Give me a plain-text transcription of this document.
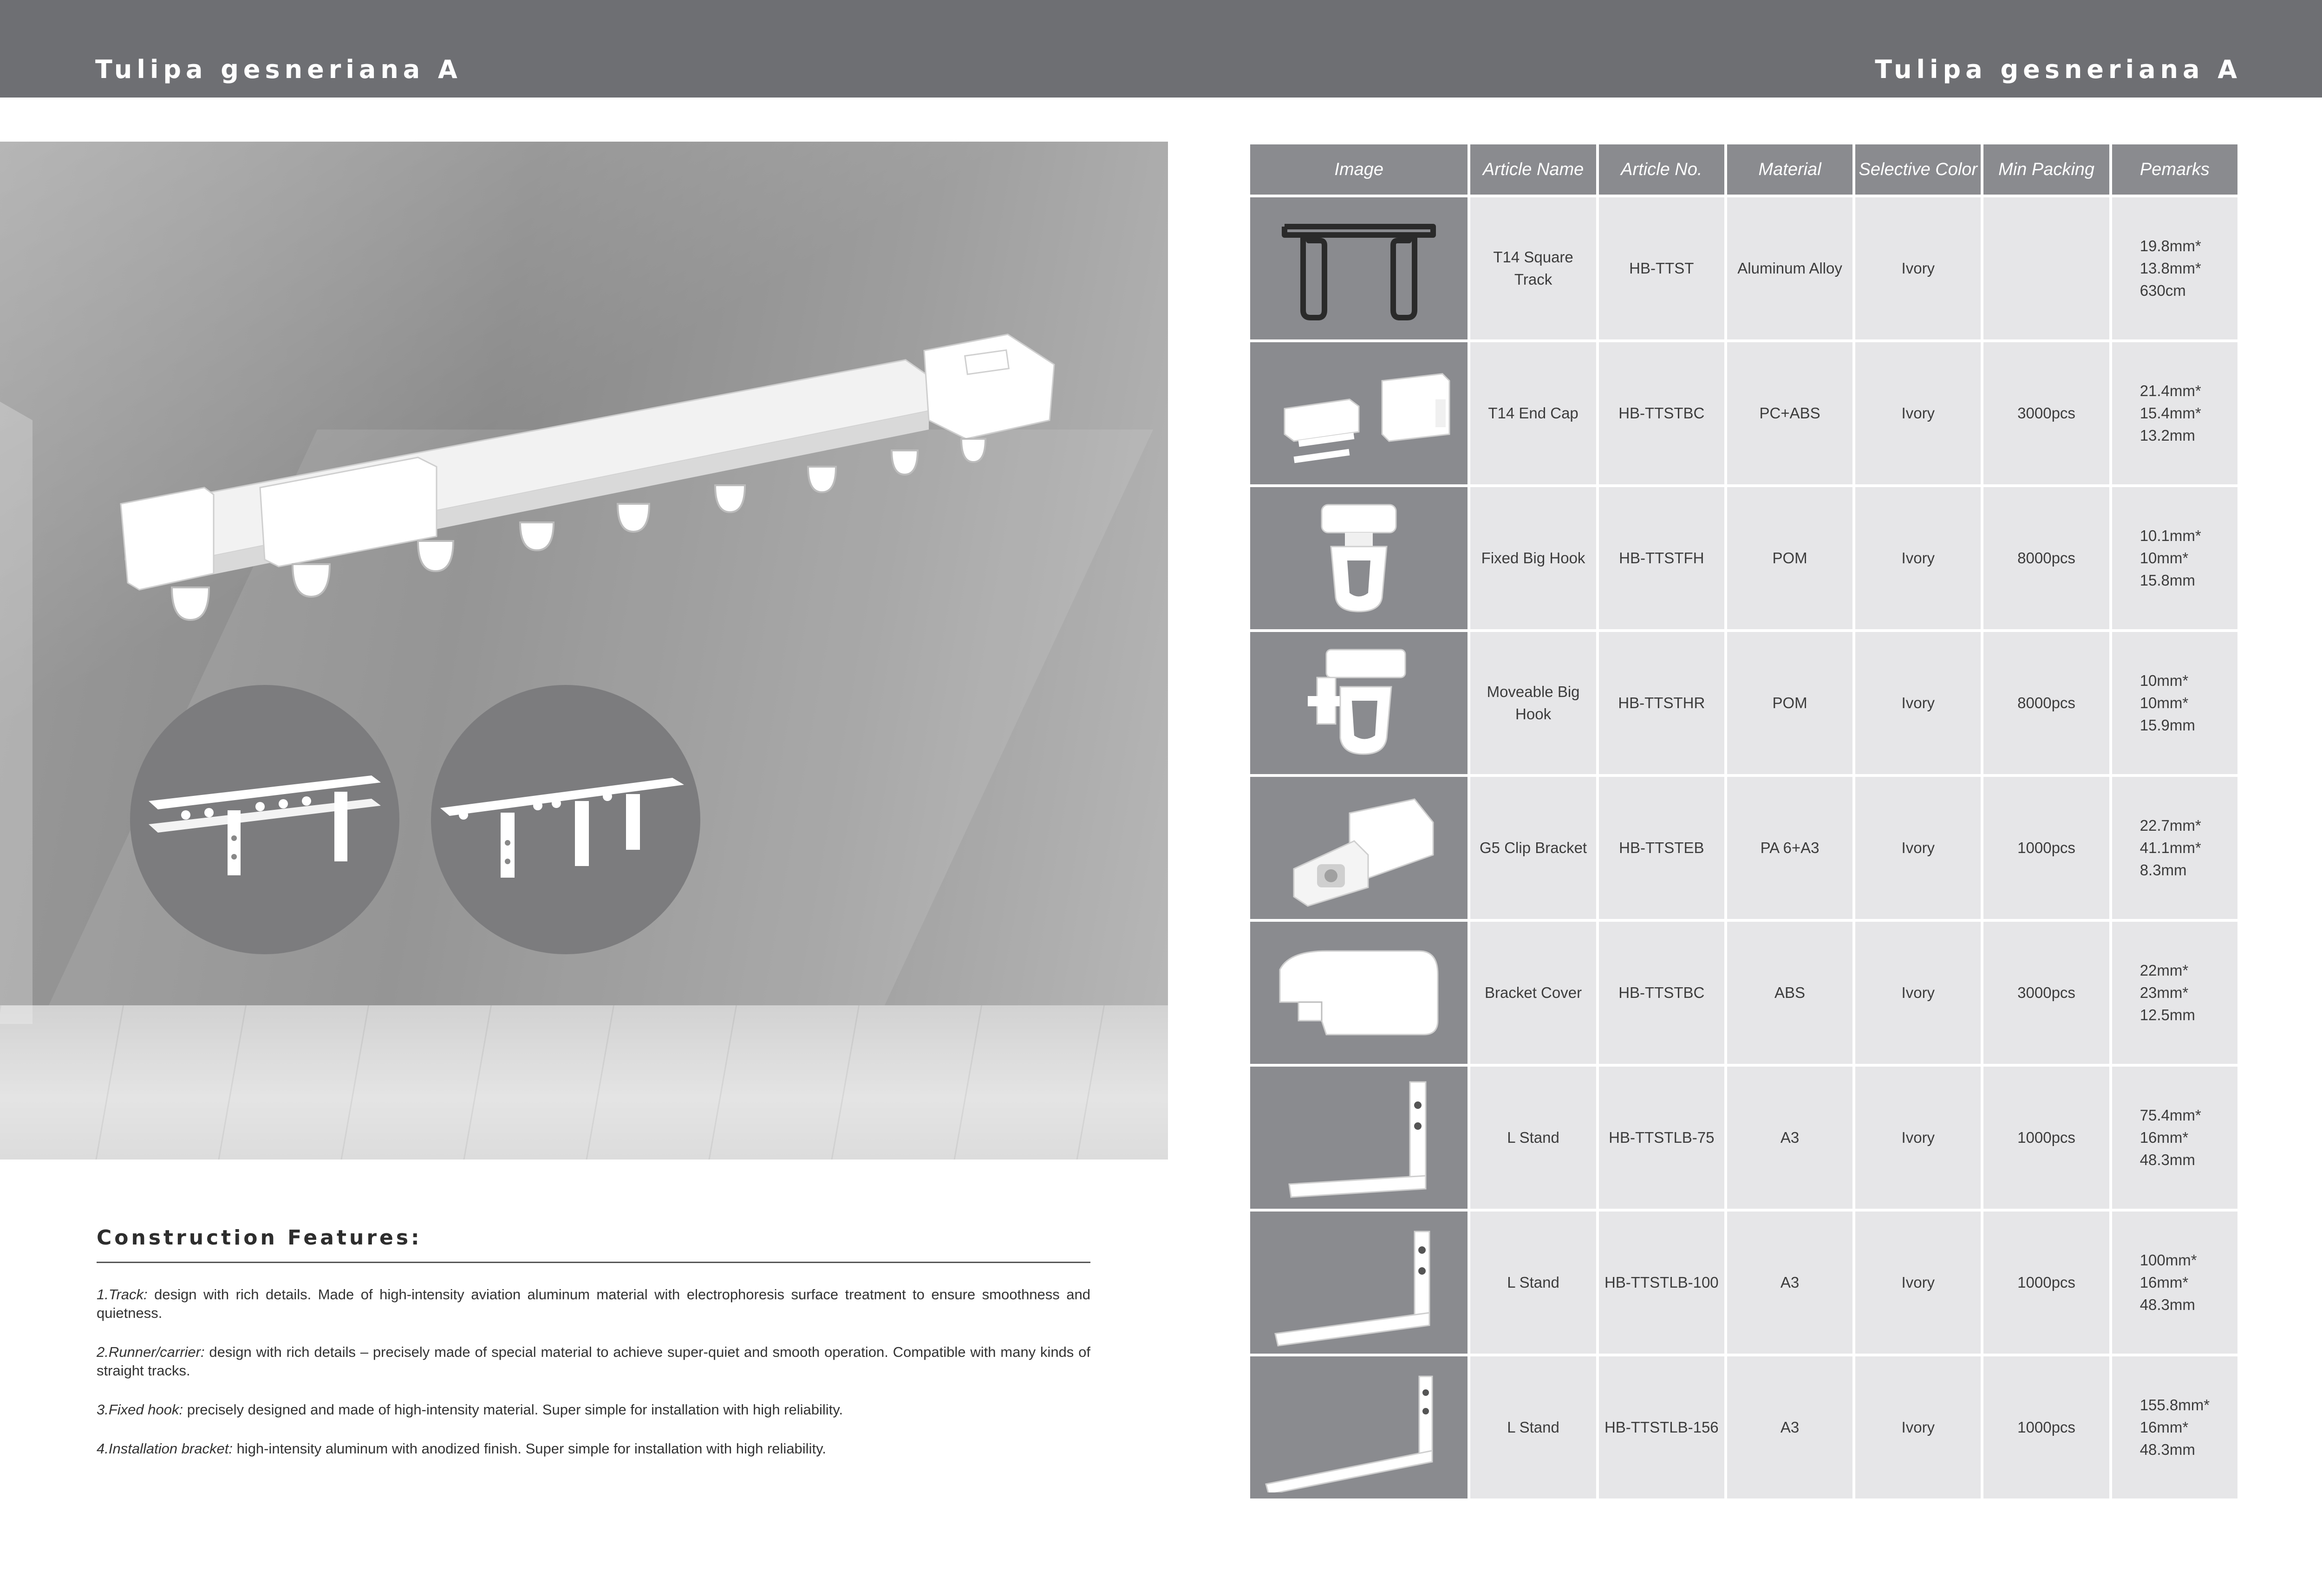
Tulipa gesneriana A	Tulipa gesneriana A
Construction Features:
1.Track: design with rich details. Made of high-intensity aviation aluminum material with electrophoresis surface treatment to ensure smoothness and quietness.
2.Runner/carrier: design with rich details – precisely made of special material to achieve super-quiet and smooth operation. Compatible with many kinds of straight tracks.
3.Fixed hook: precisely designed and made of high-intensity material. Super simple for installation with high reliability.
4.Installation bracket: high-intensity aluminum with anodized finish. Super simple for installation with high reliability.
Image	Article Name	Article No.	Material	Selective Color	Min Packing	Pemarks

	T14 Square Track	HB-TTST	Aluminum Alloy	Ivory		19.8mm*
13.8mm*
630cm

	T14 End Cap	HB-TTSTBC	PC+ABS	Ivory	3000pcs	21.4mm*
15.4mm*
13.2mm

	Fixed Big Hook	HB-TTSTFH	POM	Ivory	8000pcs	10.1mm*
10mm*
15.8mm

	Moveable Big Hook	HB-TTSTHR	POM	Ivory	8000pcs	10mm*
10mm*
15.9mm

	G5 Clip Bracket	HB-TTSTEB	PA 6+A3	Ivory	1000pcs	22.7mm*
41.1mm*
8.3mm

	Bracket Cover	HB-TTSTBC	ABS	Ivory	3000pcs	22mm*
23mm*
12.5mm

	L Stand	HB-TTSTLB-75	A3	Ivory	1000pcs	75.4mm*
16mm*
48.3mm

	L Stand	HB-TTSTLB-100	A3	Ivory	1000pcs	100mm*
16mm*
48.3mm

	L Stand	HB-TTSTLB-156	A3	Ivory	1000pcs	155.8mm*
16mm*
48.3mm
